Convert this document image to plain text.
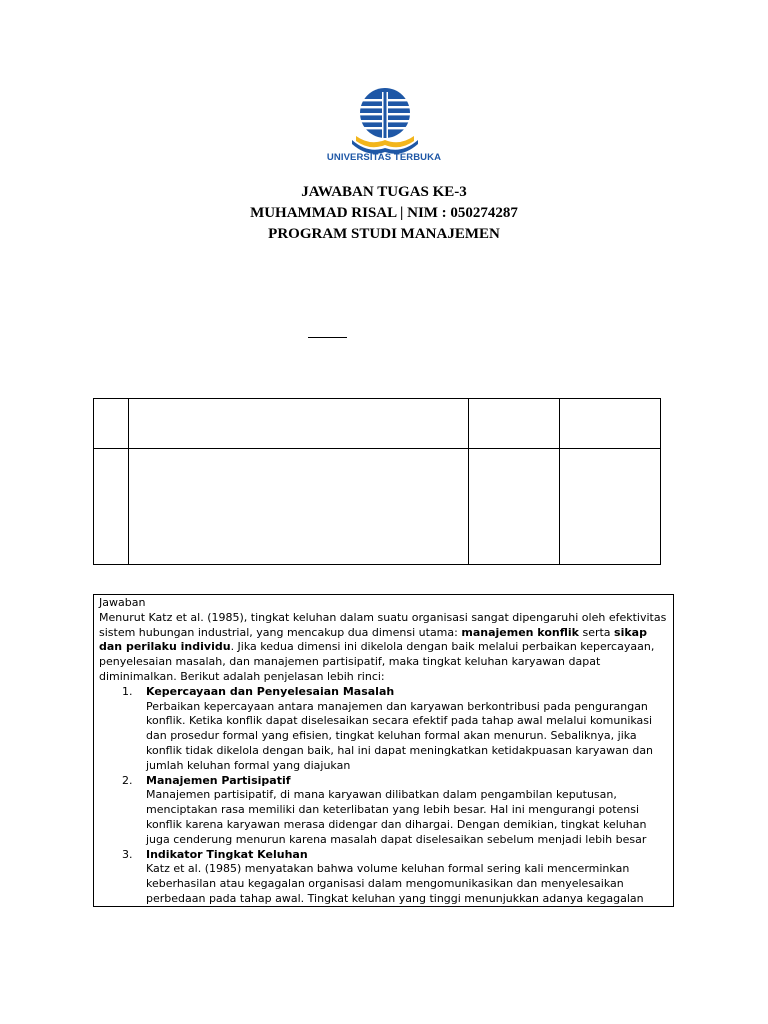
UNIVERSITAS TERBUKA
JAWABAN TUGAS KE-3
MUHAMMAD RISAL | NIM : 050274287
PROGRAM STUDI MANAJEMEN

Jawaban

Menurut Katz et al. (1985), tingkat keluhan dalam suatu organisasi sangat dipengaruhi oleh efektivitas sistem hubungan industrial, yang mencakup dua dimensi utama: manajemen konflik serta sikap dan perilaku individu. Jika kedua dimensi ini dikelola dengan baik melalui perbaikan kepercayaan, penyelesaian masalah, dan manajemen partisipatif, maka tingkat keluhan karyawan dapat diminimalkan. Berikut adalah penjelasan lebih rinci:

1. Kepercayaan dan Penyelesaian Masalah
Perbaikan kepercayaan antara manajemen dan karyawan berkontribusi pada pengurangan konflik. Ketika konflik dapat diselesaikan secara efektif pada tahap awal melalui komunikasi dan prosedur formal yang efisien, tingkat keluhan formal akan menurun. Sebaliknya, jika konflik tidak dikelola dengan baik, hal ini dapat meningkatkan ketidakpuasan karyawan dan jumlah keluhan formal yang diajukan
2. Manajemen Partisipatif
Manajemen partisipatif, di mana karyawan dilibatkan dalam pengambilan keputusan, menciptakan rasa memiliki dan keterlibatan yang lebih besar. Hal ini mengurangi potensi konflik karena karyawan merasa didengar dan dihargai. Dengan demikian, tingkat keluhan juga cenderung menurun karena masalah dapat diselesaikan sebelum menjadi lebih besar
3. Indikator Tingkat Keluhan
Katz et al. (1985) menyatakan bahwa volume keluhan formal sering kali mencerminkan keberhasilan atau kegagalan organisasi dalam mengomunikasikan dan menyelesaikan perbedaan pada tahap awal. Tingkat keluhan yang tinggi menunjukkan adanya kegagalan
